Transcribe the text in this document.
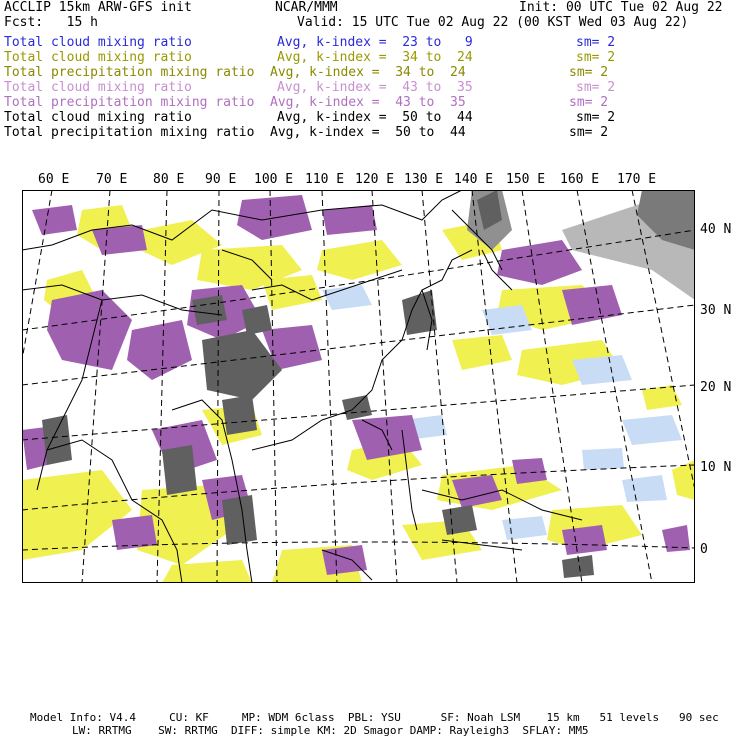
ACCLIP 15km ARW-GFS init	NCAR/MMM	Init: 00 UTC Tue 02 Aug 22
Fcst:   15 h	Valid: 15 UTC Tue 02 Aug 22 (00 KST Wed 03 Aug 22)
Total cloud mixing ratio	Avg, k-index =  23 to   9	sm= 2
Total cloud mixing ratio	Avg, k-index =  34 to  24	sm= 2
Total precipitation mixing ratio Avg, k-index =  34 to  24	sm= 2
Total cloud mixing ratio	Avg, k-index =  43 to  35	sm= 2
Total precipitation mixing ratio Avg, k-index =  43 to  35	sm= 2
Total cloud mixing ratio	Avg, k-index =  50 to  44	sm= 2
Total precipitation mixing ratio Avg, k-index =  50 to  44	sm= 2
60 E 70 E 80 E 90 E 100 E 110 E 120 E 130 E 140 E 150 E 160 E 170 E
40 N
30 N
20 N
10 N
0
Model Info: V4.4     CU: KF     MP: WDM 6class  PBL: YSU      SF: Noah LSM    15 km   51 levels   90 sec
LW: RRTMG    SW: RRTMG  DIFF: simple KM: 2D Smagor DAMP: Rayleigh3  SFLAY: MM5
